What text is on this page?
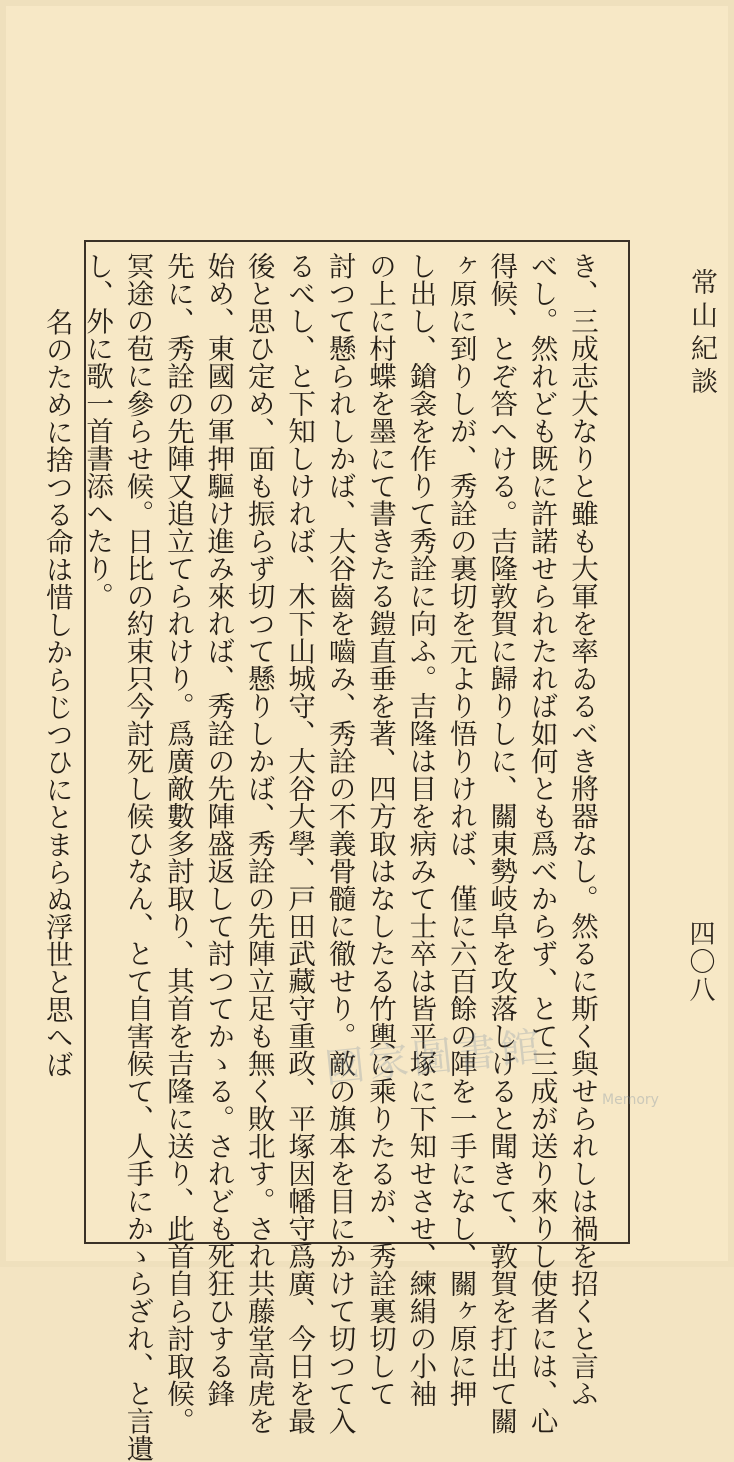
常山紀談
四〇八
き、三成志大なりと雖も大軍を率ゐるべき將器なし。然るに斯く與せられしは禍を招くと言ふ
べし。然れども既に許諾せられたれば如何とも爲べからず、とて三成が送り來りし使者には、心
得候、とぞ答へける。吉隆敦賀に歸りしに、關東勢岐阜を攻落しけると聞きて、敦賀を打出て關
ヶ原に到りしが、秀詮の裏切を元より悟りければ、僅に六百餘の陣を一手になし、關ヶ原に押
し出し、鎗衾を作りて秀詮に向ふ。吉隆は目を病みて士卒は皆平塚に下知せさせ、練絹の小袖
の上に村蝶を墨にて書きたる鎧直垂を著、四方取はなしたる竹輿に乘りたるが、秀詮裏切して
討つて懸られしかば、大谷齒を嚙み、秀詮の不義骨髓に徹せり。敵の旗本を目にかけて切つて入
るべし、と下知しければ、木下山城守、大谷大學、戸田武藏守重政、平塚因幡守爲廣、今日を最
後と思ひ定め、面も振らず切つて懸りしかば、秀詮の先陣立足も無く敗北す。され共藤堂高虎を
始め、東國の軍押驅け進み來れば、秀詮の先陣盛返して討つてかゝる。されども死狂ひする鋒
先に、秀詮の先陣又追立てられけり。爲廣敵數多討取り、其首を吉隆に送り、此首自ら討取候。
冥途の苞に參らせ候。日比の約束只今討死し候ひなん、とて自害候て、人手にかゝらざれ、と言遺
し、外に歌一首書添へたり。
名のために捨つる命は惜しからじつひにとまらぬ浮世と思へば	國家圖書館
Memory
